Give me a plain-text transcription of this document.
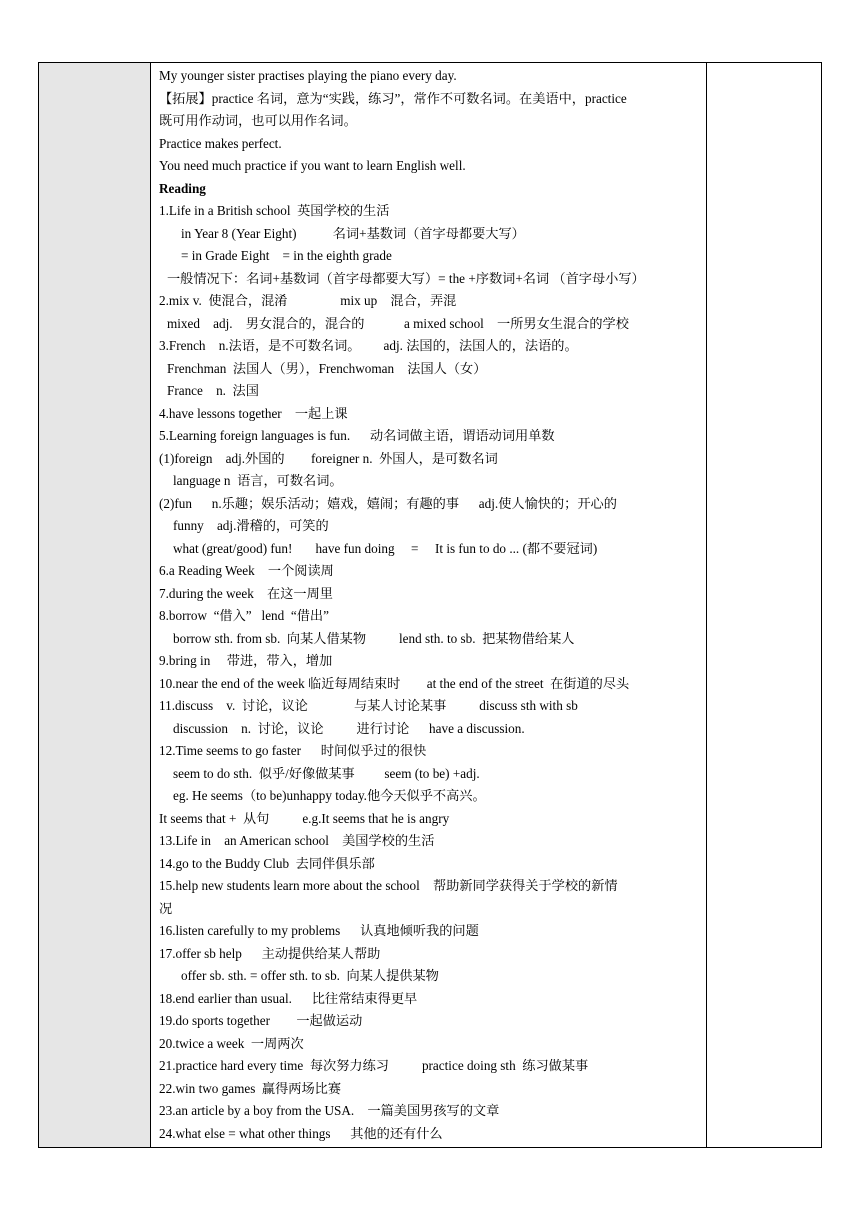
My younger sister practises playing the piano every day.
【拓展】practice 名词，意为“实践，练习”，常作不可数名词。在美语中，practice
既可用作动词，也可以用作名词。
Practice makes perfect.
You need much practice if you want to learn English well.
Reading
1.Life in a British school  英国学校的生活
in Year 8 (Year Eight)           名词+基数词（首字母都要大写）
= in Grade Eight    = in the eighth grade
一般情况下：名词+基数词（首字母都要大写）= the +序数词+名词 （首字母小写）
2.mix v.  使混合，混淆                mix up    混合，弄混
mixed    adj.    男女混合的，混合的            a mixed school    一所男女生混合的学校
3.French    n.法语，是不可数名词。       adj. 法国的，法国人的，法语的。
Frenchman  法国人（男），Frenchwoman    法国人（女）
France    n.  法国
4.have lessons together    一起上课
5.Learning foreign languages is fun.      动名词做主语，谓语动词用单数
(1)foreign    adj.外国的        foreigner n.  外国人，是可数名词
language n  语言，可数名词。
(2)fun      n.乐趣；娱乐活动；嬉戏，嬉闹；有趣的事      adj.使人愉快的；开心的
funny    adj.滑稽的，可笑的
what (great/good) fun!       have fun doing     =     It is fun to do ... (都不要冠词)
6.a Reading Week    一个阅读周
7.during the week    在这一周里
8.borrow  “借入”   lend  “借出”
borrow sth. from sb.  向某人借某物          lend sth. to sb.  把某物借给某人
9.bring in     带进，带入，增加
10.near the end of the week 临近每周结束时        at the end of the street  在街道的尽头
11.discuss    v.  讨论，议论              与某人讨论某事          discuss sth with sb
discussion    n.  讨论，议论          进行讨论      have a discussion.
12.Time seems to go faster      时间似乎过的很快
seem to do sth.  似乎/好像做某事         seem (to be) +adj.
eg. He seems（to be)unhappy today.他今天似乎不高兴。
It seems that +  从句          e.g.It seems that he is angry
13.Life in    an American school    美国学校的生活
14.go to the Buddy Club  去同伴俱乐部
15.help new students learn more about the school    帮助新同学获得关于学校的新情
况
16.listen carefully to my problems      认真地倾听我的问题
17.offer sb help      主动提供给某人帮助
offer sb. sth. = offer sth. to sb.  向某人提供某物
18.end earlier than usual.      比往常结束得更早
19.do sports together        一起做运动
20.twice a week  一周两次
21.practice hard every time  每次努力练习          practice doing sth  练习做某事
22.win two games  赢得两场比赛
23.an article by a boy from the USA.    一篇美国男孩写的文章
24.what else = what other things      其他的还有什么
